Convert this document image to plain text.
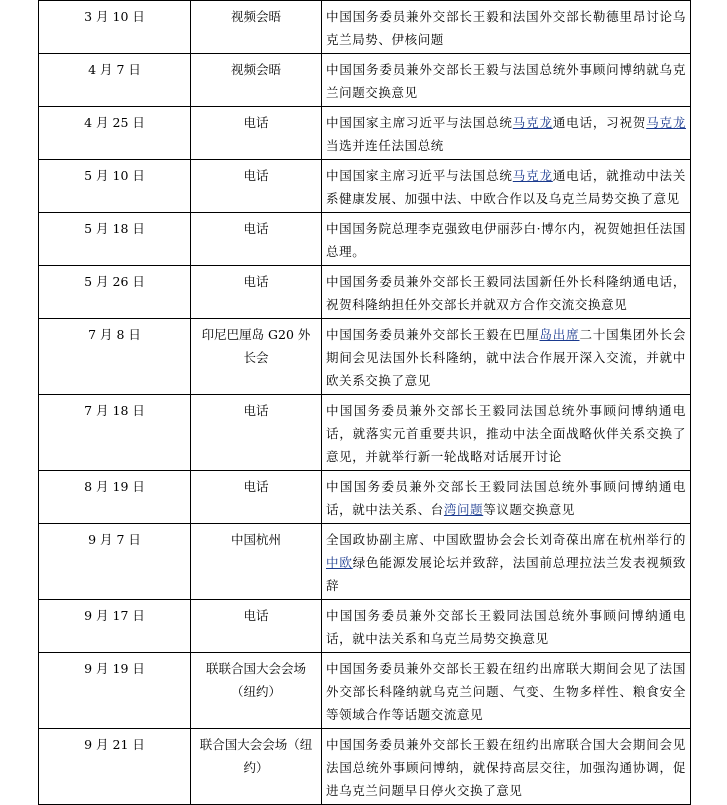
3 月 10 日	视频会晤	中国国务委员兼外交部长王毅和法国外交部长勒德里昂讨论乌克兰局势、伊核问题
4 月 7 日	视频会晤	中国国务委员兼外交部长王毅与法国总统外事顾问博纳就乌克兰问题交换意见
4 月 25 日	电话	中国国家主席习近平与法国总统马克龙通电话，习祝贺马克龙当选并连任法国总统
5 月 10 日	电话	中国国家主席习近平与法国总统马克龙通电话，就推动中法关系健康发展、加强中法、中欧合作以及乌克兰局势交换了意见
5 月 18 日	电话	中国国务院总理李克强致电伊丽莎白·博尔内，祝贺她担任法国总理。
5 月 26 日	电话	中国国务委员兼外交部长王毅同法国新任外长科隆纳通电话，祝贺科隆纳担任外交部长并就双方合作交流交换意见
7 月 8 日	印尼巴厘岛 G20 外长会	中国国务委员兼外交部长王毅在巴厘岛出席二十国集团外长会期间会见法国外长科隆纳，就中法合作展开深入交流，并就中欧关系交换了意见
7 月 18 日	电话	中国国务委员兼外交部长王毅同法国总统外事顾问博纳通电话，就落实元首重要共识，推动中法全面战略伙伴关系交换了意见，并就举行新一轮战略对话展开讨论
8 月 19 日	电话	中国国务委员兼外交部长王毅同法国总统外事顾问博纳通电话，就中法关系、台湾问题等议题交换意见
9 月 7 日	中国杭州	全国政协副主席、中国欧盟协会会长刘奇葆出席在杭州举行的中欧绿色能源发展论坛并致辞，法国前总理拉法兰发表视频致辞
9 月 17 日	电话	中国国务委员兼外交部长王毅同法国总统外事顾问博纳通电话，就中法关系和乌克兰局势交换意见
9 月 19 日	联联合国大会会场（纽约）	中国国务委员兼外交部长王毅在纽约出席联大期间会见了法国外交部长科隆纳就乌克兰问题、气变、生物多样性、粮食安全等领域合作等话题交流意见
9 月 21 日	联合国大会会场（纽约）	中国国务委员兼外交部长王毅在纽约出席联合国大会期间会见法国总统外事顾问博纳，就保持高层交往，加强沟通协调，促进乌克兰问题早日停火交换了意见
